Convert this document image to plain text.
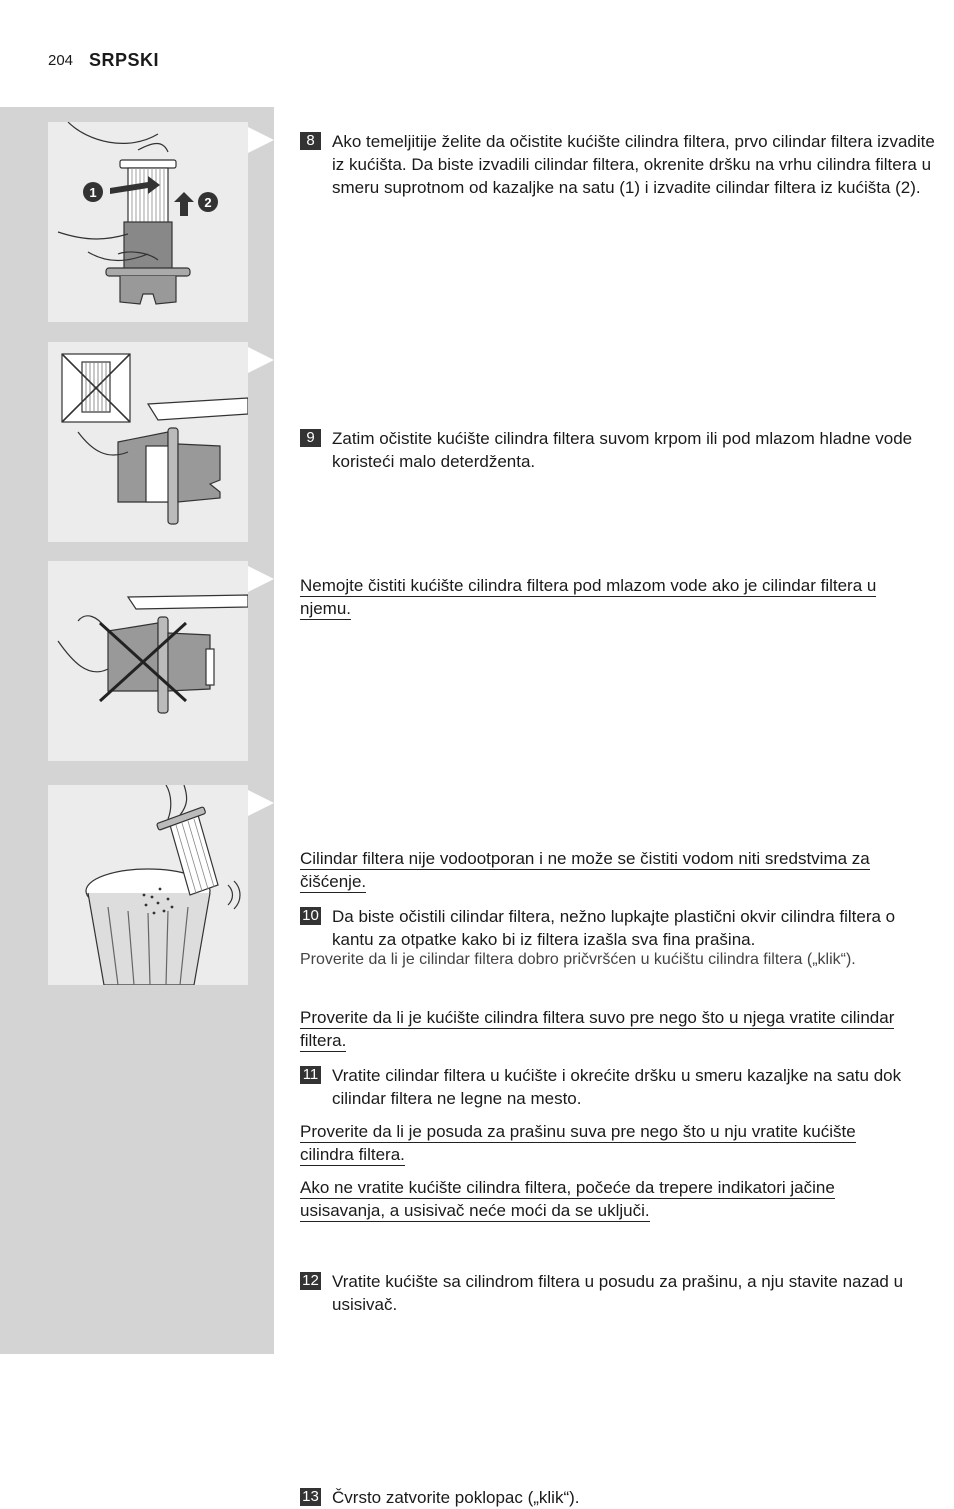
204 SRPSKI
1
2
8	Ako temeljitije želite da očistite kućište cilindra filtera, prvo cilindar filtera izvadite iz kućišta. Da biste izvadili cilindar filtera, okrenite dršku na vrhu cilindra filtera u smeru suprotnom od kazaljke na satu (1) i izvadite cilindar filtera iz kućišta (2).
9	Zatim očistite kućište cilindra filtera suvom krpom ili pod mlazom hladne vode koristeći malo deterdženta.
Nemojte čistiti kućište cilindra filtera pod mlazom vode ako je cilindar filtera u njemu.
10 Da biste očistili cilindar filtera, nežno lupkajte plastični okvir cilindra filtera o kantu za otpatke kako bi iz filtera izašla sva fina prašina.
Cilindar filtera nije vodootporan i ne može se čistiti vodom niti sredstvima za čišćenje.
11 Vratite cilindar filtera u kućište i okrećite dršku u smeru kazaljke na satu dok cilindar filtera ne legne na mesto.
Proverite da li je cilindar filtera dobro pričvršćen u kućištu cilindra filtera („klik“).
Proverite da li je kućište cilindra filtera suvo pre nego što u njega vratite cilindar filtera.
12 Vratite kućište sa cilindrom filtera u posudu za prašinu, a nju stavite nazad u usisivač.
Proverite da li je posuda za prašinu suva pre nego što u nju vratite kućište cilindra filtera.
Ako ne vratite kućište cilindra filtera, počeće da trepere indikatori jačine usisavanja, a usisivač neće moći da se uključi.
13 Čvrsto zatvorite poklopac („klik“).
